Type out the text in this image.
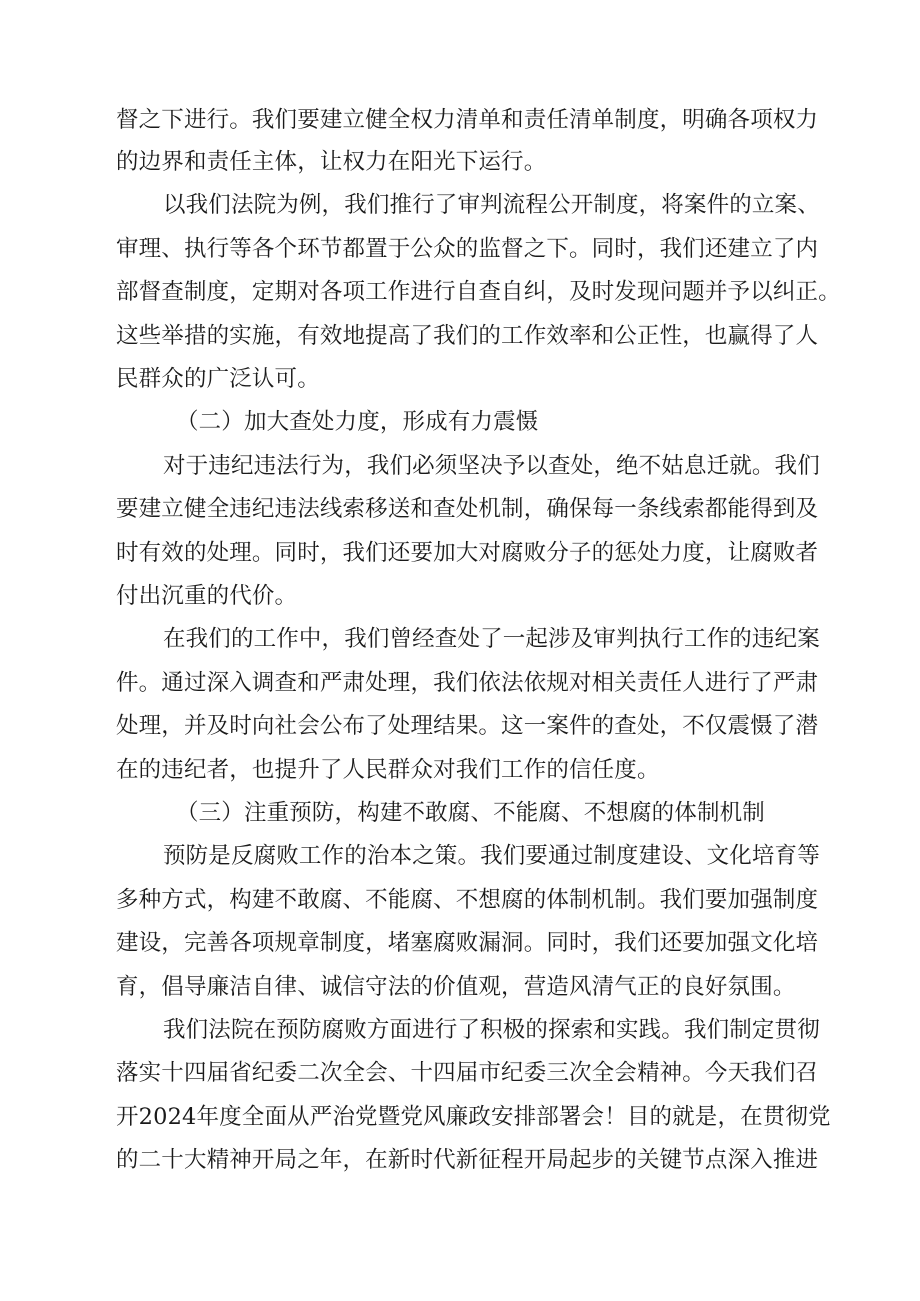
督之下进行。我们要建立健全权力清单和责任清单制度，明确各项权力
的边界和责任主体，让权力在阳光下运行。
以我们法院为例，我们推行了审判流程公开制度，将案件的立案、
审理、执行等各个环节都置于公众的监督之下。同时，我们还建立了内
部督查制度，定期对各项工作进行自查自纠，及时发现问题并予以纠正。
这些举措的实施，有效地提高了我们的工作效率和公正性，也赢得了人
民群众的广泛认可。
（二）加大查处力度，形成有力震慑
对于违纪违法行为，我们必须坚决予以查处，绝不姑息迁就。我们
要建立健全违纪违法线索移送和查处机制，确保每一条线索都能得到及
时有效的处理。同时，我们还要加大对腐败分子的惩处力度，让腐败者
付出沉重的代价。
在我们的工作中，我们曾经查处了一起涉及审判执行工作的违纪案
件。通过深入调查和严肃处理，我们依法依规对相关责任人进行了严肃
处理，并及时向社会公布了处理结果。这一案件的查处，不仅震慑了潜
在的违纪者，也提升了人民群众对我们工作的信任度。
（三）注重预防，构建不敢腐、不能腐、不想腐的体制机制
预防是反腐败工作的治本之策。我们要通过制度建设、文化培育等
多种方式，构建不敢腐、不能腐、不想腐的体制机制。我们要加强制度
建设，完善各项规章制度，堵塞腐败漏洞。同时，我们还要加强文化培
育，倡导廉洁自律、诚信守法的价值观，营造风清气正的良好氛围。
我们法院在预防腐败方面进行了积极的探索和实践。我们制定贯彻
落实十四届省纪委二次全会、十四届市纪委三次全会精神。今天我们召
开2024年度全面从严治党暨党风廉政安排部署会！目的就是，在贯彻党
的二十大精神开局之年，在新时代新征程开局起步的关键节点深入推进
